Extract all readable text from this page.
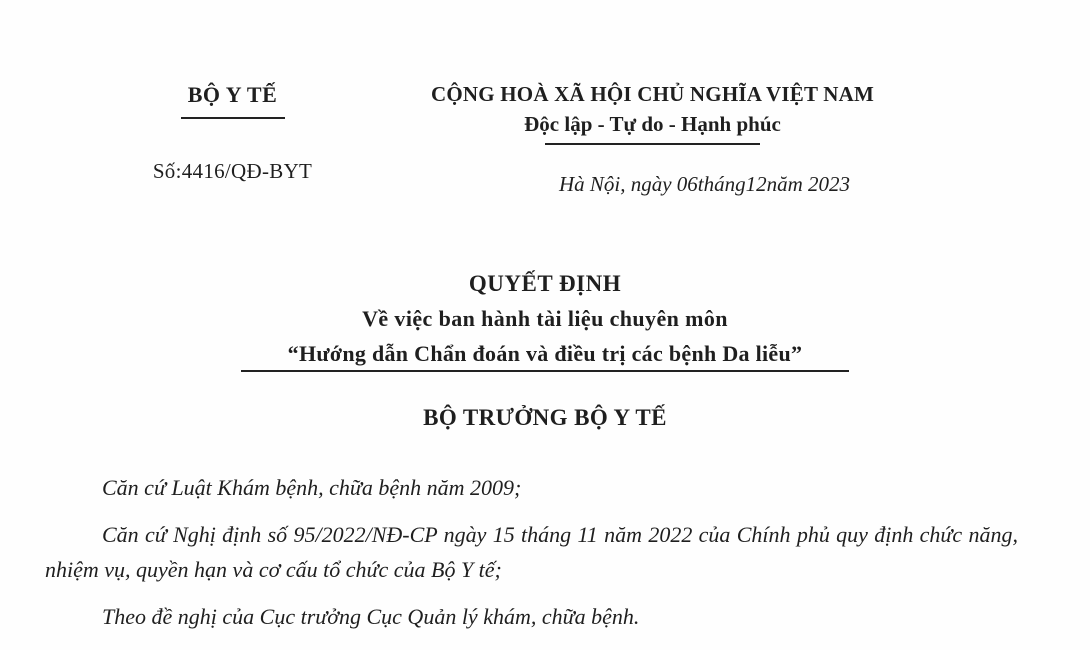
BỘ Y TẾ
Số:4416/QĐ-BYT
CỘNG HOÀ XÃ HỘI CHỦ NGHĨA VIỆT NAM
Độc lập - Tự do - Hạnh phúc
Hà Nội, ngày 06tháng12năm 2023
QUYẾT ĐỊNH
Về việc ban hành tài liệu chuyên môn
“Hướng dẫn Chẩn đoán và điều trị các bệnh Da liễu”
BỘ TRƯỞNG BỘ Y TẾ

Căn cứ Luật Khám bệnh, chữa bệnh năm 2009;

Căn cứ Nghị định số 95/2022/NĐ-CP ngày 15 tháng 11 năm 2022 của Chính phủ quy định chức năng, nhiệm vụ, quyền hạn và cơ cấu tổ chức của Bộ Y tế;

Theo đề nghị của Cục trưởng Cục Quản lý khám, chữa bệnh.
